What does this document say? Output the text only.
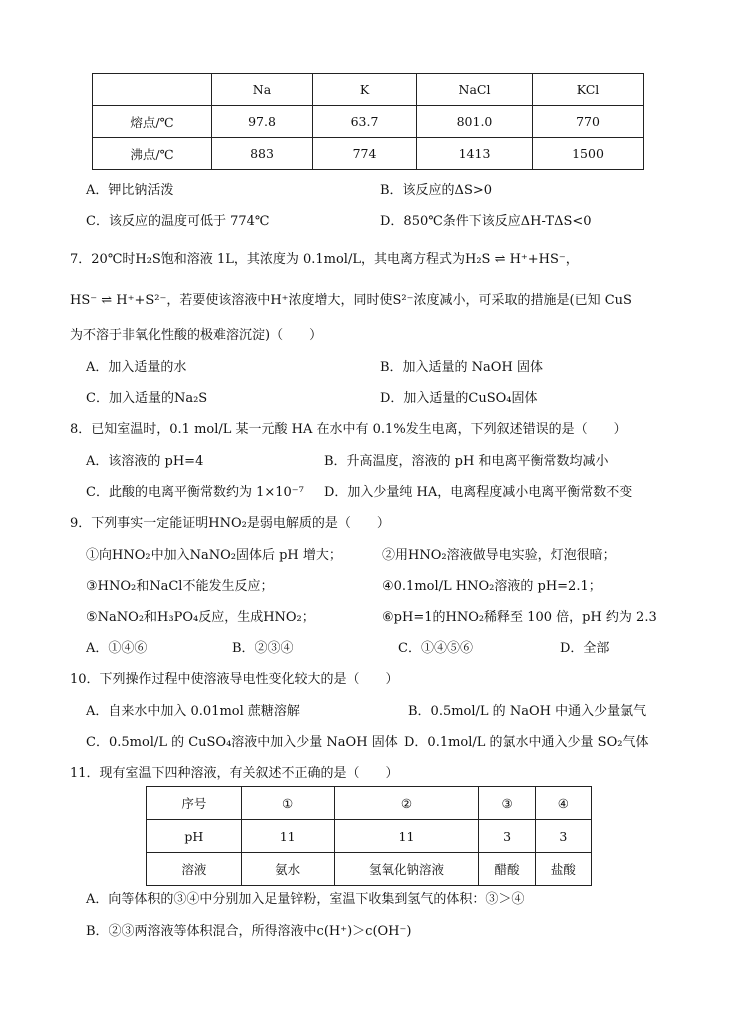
	Na	K	NaCl	KCl
熔点/℃	97.8	63.7	801.0	770
沸点/℃	883	774	1413	1500
A．钾比钠活泼	B．该反应的ΔS>0
C．该反应的温度可低于 774℃	D．850℃条件下该反应ΔH-TΔS<0
7．20℃时H₂S饱和溶液 1L，其浓度为 0.1mol/L，其电离方程式为H₂S ⇌ H⁺+HS⁻，
HS⁻ ⇌ H⁺+S²⁻，若要使该溶液中H⁺浓度增大，同时使S²⁻浓度减小，可采取的措施是(已知 CuS
为不溶于非氧化性酸的极难溶沉淀)（　　）
A．加入适量的水	B．加入适量的 NaOH 固体
C．加入适量的Na₂S	D．加入适量的CuSO₄固体
8．已知室温时，0.1 mol/L 某一元酸 HA 在水中有 0.1%发生电离，下列叙述错误的是（　　）
A．该溶液的 pH=4	B．升高温度，溶液的 pH 和电离平衡常数均减小
C．此酸的电离平衡常数约为 1×10⁻⁷ D．加入少量纯 HA，电离程度减小电离平衡常数不变
9．下列事实一定能证明HNO₂是弱电解质的是（　　）
①向HNO₂中加入NaNO₂固体后 pH 增大；	②用HNO₂溶液做导电实验，灯泡很暗；
③HNO₂和NaCl不能发生反应；	④0.1mol/L HNO₂溶液的 pH=2.1；
⑤NaNO₂和H₃PO₄反应，生成HNO₂；	⑥pH=1的HNO₂稀释至 100 倍，pH 约为 2.3
A．①④⑥	B．②③④	C．①④⑤⑥	D．全部
10．下列操作过程中使溶液导电性变化较大的是（　　）
A．自来水中加入 0.01mol 蔗糖溶解	B．0.5mol/L 的 NaOH 中通入少量氯气
C．0.5mol/L 的 CuSO₄溶液中加入少量 NaOH 固体 D．0.1mol/L 的氯水中通入少量 SO₂气体
11．现有室温下四种溶液，有关叙述不正确的是（　　）
序号	①	②	③	④
pH	11	11	3	3
溶液	氨水	氢氧化钠溶液	醋酸	盐酸
A．向等体积的③④中分别加入足量锌粉，室温下收集到氢气的体积：③＞④
B．②③两溶液等体积混合，所得溶液中c(H⁺)＞c(OH⁻)
